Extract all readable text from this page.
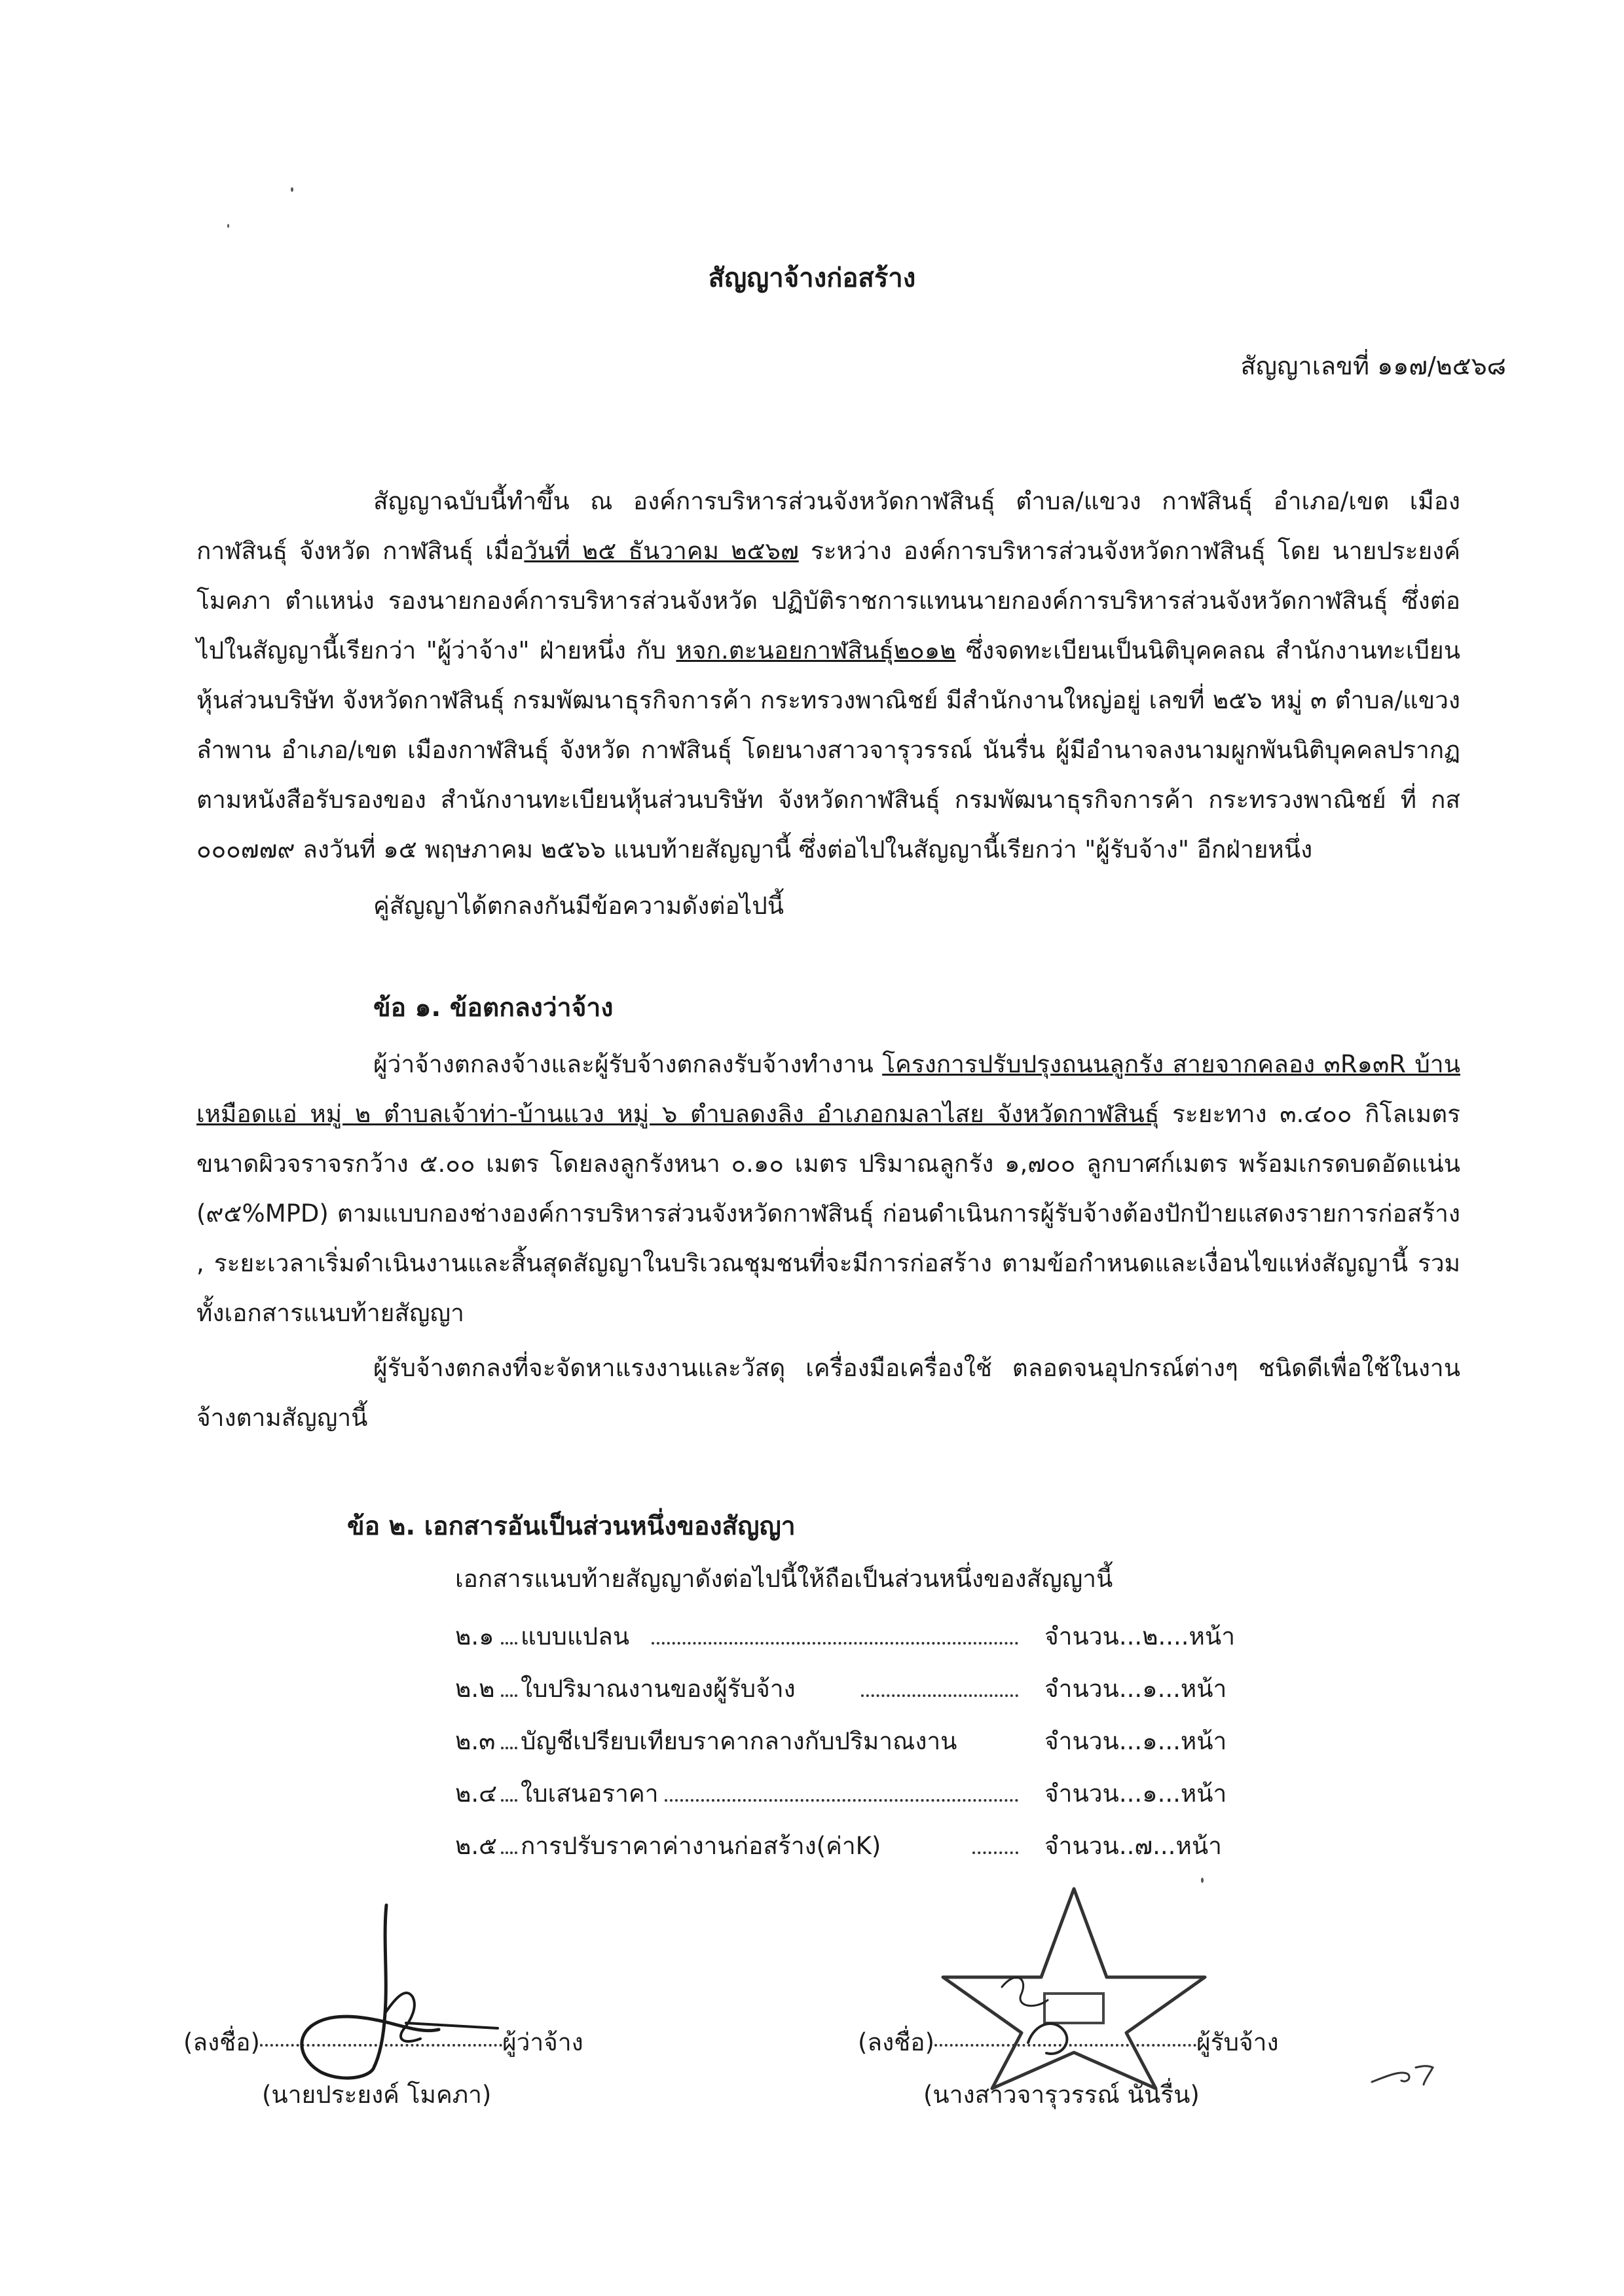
สัญญาจ้างก่อสร้าง
สัญญาเลขที่ ๑๑๗/๒๕๖๘

สัญญาฉบับนี้ทำขึ้น ณ องค์การบริหารส่วนจังหวัดกาฬสินธุ์ ตำบล/แขวง กาฬสินธุ์ อำเภอ/เขต เมืองกาฬสินธุ์ จังหวัด กาฬสินธุ์ เมื่อวันที่ ๒๕ ธันวาคม ๒๕๖๗ ระหว่าง องค์การบริหารส่วนจังหวัดกาฬสินธุ์ โดย นายประยงค์ โมคภา ตำแหน่ง รองนายกองค์การบริหารส่วนจังหวัด ปฏิบัติราชการแทนนายกองค์การบริหารส่วนจังหวัดกาฬสินธุ์ ซึ่งต่อไปในสัญญานี้เรียกว่า "ผู้ว่าจ้าง" ฝ่ายหนึ่ง กับ หจก.ตะนอยกาฬสินธุ์๒๐๑๒ ซึ่งจดทะเบียนเป็นนิติบุคคลณ สำนักงานทะเบียนหุ้นส่วนบริษัท จังหวัดกาฬสินธุ์ กรมพัฒนาธุรกิจการค้า กระทรวงพาณิชย์ มีสำนักงานใหญ่อยู่ เลขที่ ๒๕๖ หมู่ ๓ ตำบล/แขวง ลำพาน อำเภอ/เขต เมืองกาฬสินธุ์ จังหวัด กาฬสินธุ์ โดยนางสาวจารุวรรณ์ นันรื่น ผู้มีอำนาจลงนามผูกพันนิติบุคคลปรากฏตามหนังสือรับรองของ สำนักงานทะเบียนหุ้นส่วนบริษัท จังหวัดกาฬสินธุ์ กรมพัฒนาธุรกิจการค้า กระทรวงพาณิชย์ ที่ กส ๐๐๐๗๗๙ ลงวันที่ ๑๕ พฤษภาคม ๒๕๖๖ แนบท้ายสัญญานี้ ซึ่งต่อไปในสัญญานี้เรียกว่า "ผู้รับจ้าง" อีกฝ่ายหนึ่ง

คู่สัญญาได้ตกลงกันมีข้อความดังต่อไปนี้

ข้อ ๑. ข้อตกลงว่าจ้าง

ผู้ว่าจ้างตกลงจ้างและผู้รับจ้างตกลงรับจ้างทำงาน โครงการปรับปรุงถนนลูกรัง สายจากคลอง ๓R๑๓R บ้านเหมือดแอ่ หมู่ ๒ ตำบลเจ้าท่า-บ้านแวง หมู่ ๖ ตำบลดงลิง อำเภอกมลาไสย จังหวัดกาฬสินธุ์ ระยะทาง ๓.๔๐๐ กิโลเมตร ขนาดผิวจราจรกว้าง ๕.๐๐ เมตร โดยลงลูกรังหนา ๐.๑๐ เมตร ปริมาณลูกรัง ๑,๗๐๐ ลูกบาศก์เมตร พร้อมเกรดบดอัดแน่น (๙๕%MPD) ตามแบบกองช่างองค์การบริหารส่วนจังหวัดกาฬสินธุ์ ก่อนดำเนินการผู้รับจ้างต้องปักป้ายแสดงรายการก่อสร้าง , ระยะเวลาเริ่มดำเนินงานและสิ้นสุดสัญญาในบริเวณชุมชนที่จะมีการก่อสร้าง ตามข้อกำหนดและเงื่อนไขแห่งสัญญานี้ รวมทั้งเอกสารแนบท้ายสัญญา

ผู้รับจ้างตกลงที่จะจัดหาแรงงานและวัสดุ เครื่องมือเครื่องใช้ ตลอดจนอุปกรณ์ต่างๆ ชนิดดีเพื่อใช้ในงานจ้างตามสัญญานี้

ข้อ ๒. เอกสารอันเป็นส่วนหนึ่งของสัญญา
เอกสารแนบท้ายสัญญาดังต่อไปนี้ให้ถือเป็นส่วนหนึ่งของสัญญานี้
๒.๑ แบบแปลน	จำนวน...๒....หน้า
๒.๒ ใบปริมาณงานของผู้รับจ้าง	จำนวน...๑...หน้า
๒.๓ บัญชีเปรียบเทียบราคากลางกับปริมาณงาน	จำนวน...๑...หน้า
๒.๔ ใบเสนอราคา	จำนวน...๑...หน้า
๒.๕ การปรับราคาค่างานก่อสร้าง(ค่าK)	จำนวน..๗...หน้า
(ลงชื่อ)	ผู้ว่าจ้าง
(นายประยงค์ โมคภา)
(ลงชื่อ)	ผู้รับจ้าง
(นางสาวจารุวรรณ์ นันรื่น)
